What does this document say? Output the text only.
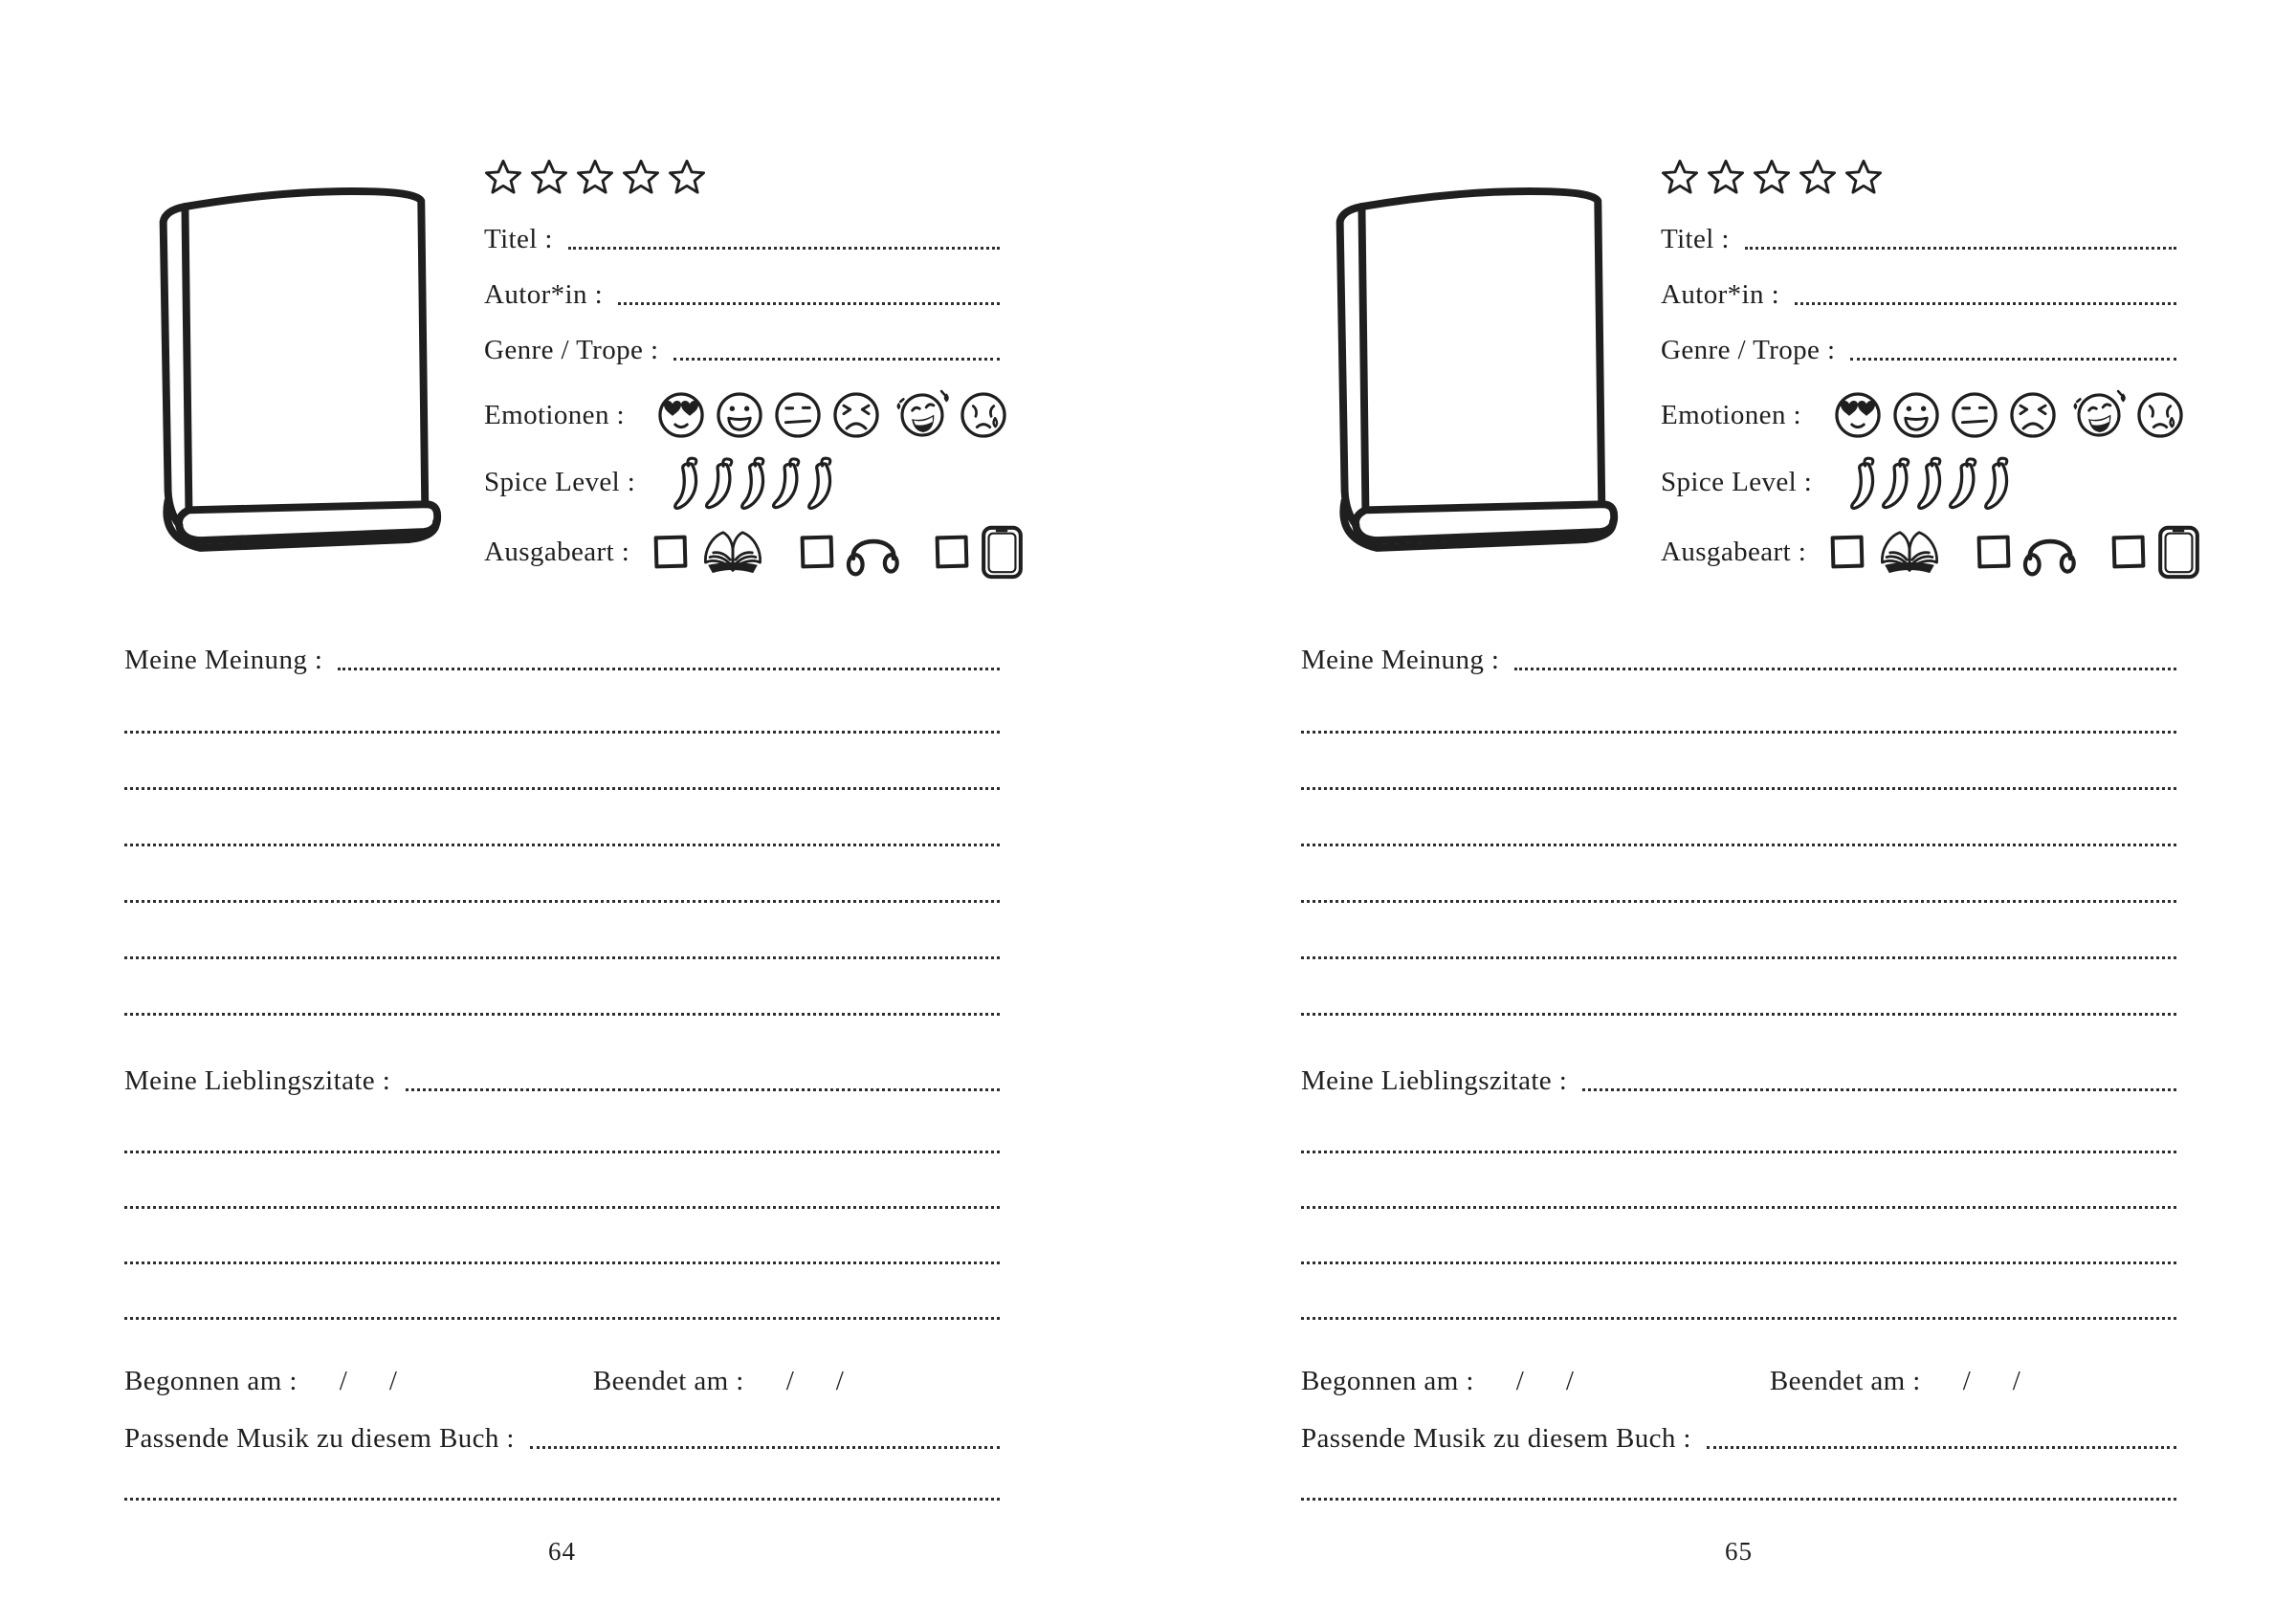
Titel :
Autor*in :
Genre / Trope :
Emotionen :
Spice Level :
Ausgabeart :
Meine Meinung :
Meine Lieblingszitate :
Begonnen am : / /	Beendet am : / /
Passende Musik zu diesem Buch :
64
Titel :
Autor*in :
Genre / Trope :
Emotionen :
Spice Level :
Ausgabeart :
Meine Meinung :
Meine Lieblingszitate :
Begonnen am : / /	Beendet am : / /
Passende Musik zu diesem Buch :
65
